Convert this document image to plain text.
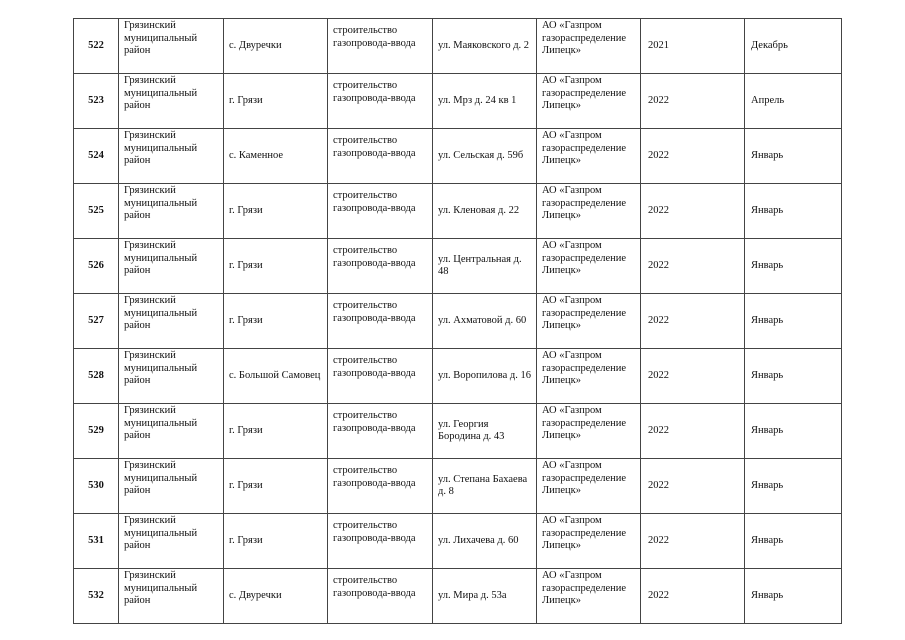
522	Грязинский муниципальный район	с. Двуречки	строительство газопровода-ввода	ул. Маяковского д. 2	АО «Газпром газораспределение Липецк»	2021	Декабрь
523	Грязинский муниципальный район	г. Грязи	строительство газопровода-ввода	ул. Мрз д. 24 кв 1	АО «Газпром газораспределение Липецк»	2022	Апрель
524	Грязинский муниципальный район	с. Каменное	строительство газопровода-ввода	ул. Сельская д. 59б	АО «Газпром газораспределение Липецк»	2022	Январь
525	Грязинский муниципальный район	г. Грязи	строительство газопровода-ввода	ул. Кленовая д. 22	АО «Газпром газораспределение Липецк»	2022	Январь
526	Грязинский муниципальный район	г. Грязи	строительство газопровода-ввода	ул. Центральная д. 48	АО «Газпром газораспределение Липецк»	2022	Январь
527	Грязинский муниципальный район	г. Грязи	строительство газопровода-ввода	ул. Ахматовой д. 60	АО «Газпром газораспределение Липецк»	2022	Январь
528	Грязинский муниципальный район	с. Большой Самовец	строительство газопровода-ввода	ул. Воропилова д. 16	АО «Газпром газораспределение Липецк»	2022	Январь
529	Грязинский муниципальный район	г. Грязи	строительство газопровода-ввода	ул. Георгия Бородина д. 43	АО «Газпром газораспределение Липецк»	2022	Январь
530	Грязинский муниципальный район	г. Грязи	строительство газопровода-ввода	ул. Степана Бахаева д. 8	АО «Газпром газораспределение Липецк»	2022	Январь
531	Грязинский муниципальный район	г. Грязи	строительство газопровода-ввода	ул. Лихачева д. 60	АО «Газпром газораспределение Липецк»	2022	Январь
532	Грязинский муниципальный район	с. Двуречки	строительство газопровода-ввода	ул. Мира д. 53а	АО «Газпром газораспределение Липецк»	2022	Январь
